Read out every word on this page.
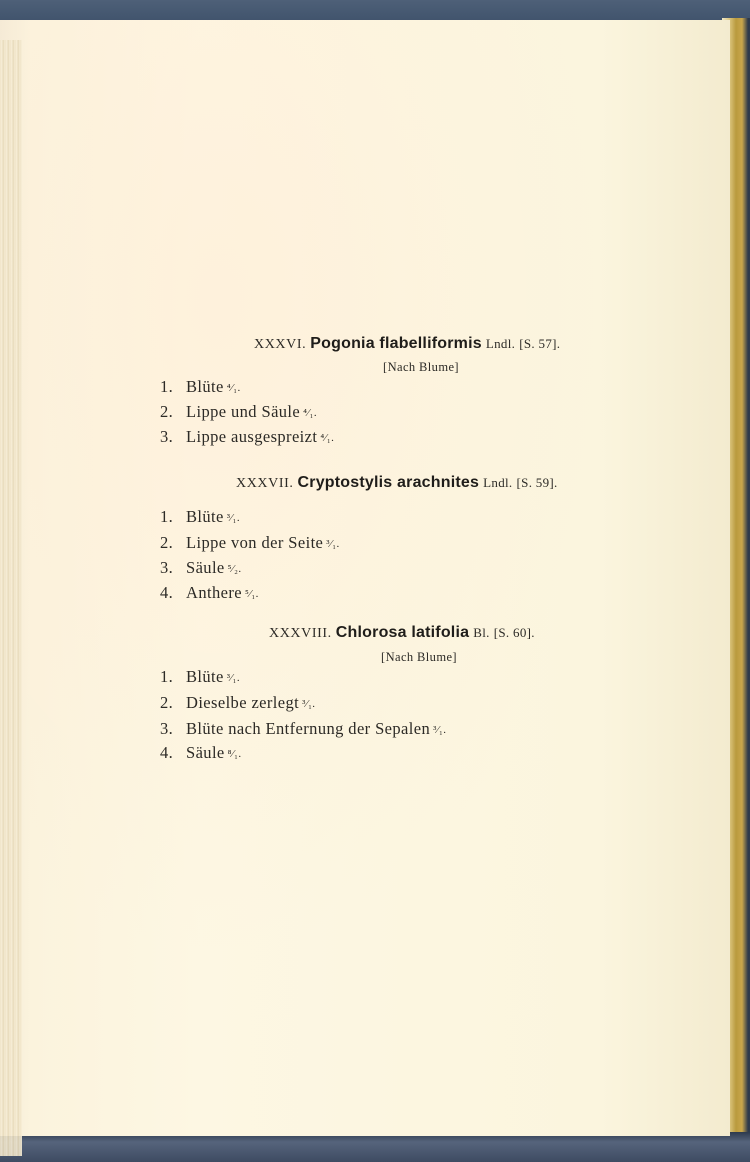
XXXVI. Pogonia flabelliformis Lndl. [S. 57].
[Nach Blume]
1. Blüte ⁴⁄₁.
2. Lippe und Säule ⁴⁄₁.
3. Lippe ausgespreizt ⁴⁄₁.
XXXVII. Cryptostylis arachnites Lndl. [S. 59].
1. Blüte ³⁄₁.
2. Lippe von der Seite ³⁄₁.
3. Säule ⁵⁄₂.
4. Anthere ⁵⁄₁.
XXXVIII. Chlorosa latifolia Bl. [S. 60].
[Nach Blume]
1. Blüte ³⁄₁.
2. Dieselbe zerlegt ³⁄₁.
3. Blüte nach Entfernung der Sepalen ³⁄₁.
4. Säule ⁸⁄₁.
